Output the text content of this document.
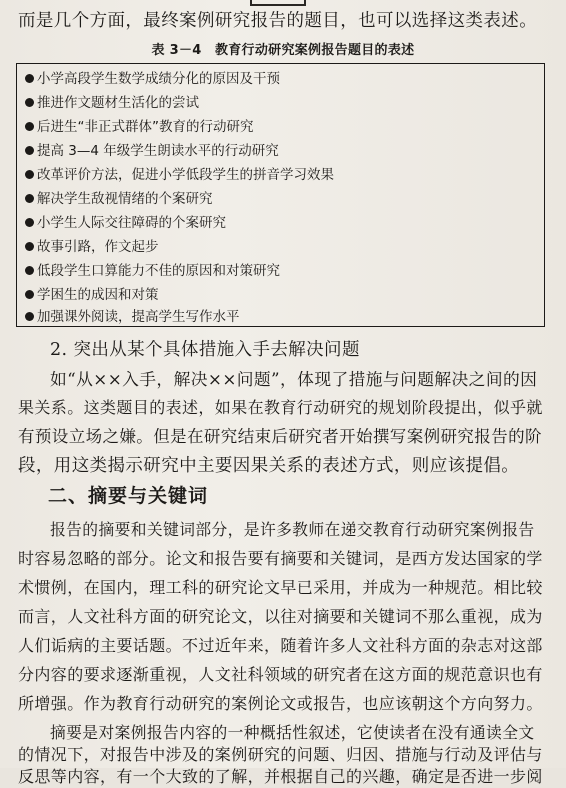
而是几个方面，最终案例研究报告的题目，也可以选择这类表述。
表 3－4　教育行动研究案例报告题目的表述
小学高段学生数学成绩分化的原因及干预
推进作文题材生活化的尝试
后进生“非正式群体”教育的行动研究
提高 3—4 年级学生朗读水平的行动研究
改革评价方法，促进小学低段学生的拼音学习效果
解决学生敌视情绪的个案研究
小学生人际交往障碍的个案研究
故事引路，作文起步
低段学生口算能力不佳的原因和对策研究
学困生的成因和对策
加强课外阅读，提高学生写作水平
2. 突出从某个具体措施入手去解决问题
如“从××入手，解决××问题”，体现了措施与问题解决之间的因
果关系。这类题目的表述，如果在教育行动研究的规划阶段提出，似乎就
有预设立场之嫌。但是在研究结束后研究者开始撰写案例研究报告的阶
段，用这类揭示研究中主要因果关系的表述方式，则应该提倡。
二、摘要与关键词
报告的摘要和关键词部分，是许多教师在递交教育行动研究案例报告
时容易忽略的部分。论文和报告要有摘要和关键词，是西方发达国家的学
术惯例，在国内，理工科的研究论文早已采用，并成为一种规范。相比较
而言，人文社科方面的研究论文，以往对摘要和关键词不那么重视，成为
人们诟病的主要话题。不过近年来，随着许多人文社科方面的杂志对这部
分内容的要求逐渐重视，人文社科领域的研究者在这方面的规范意识也有
所增强。作为教育行动研究的案例论文或报告，也应该朝这个方向努力。
摘要是对案例报告内容的一种概括性叙述，它使读者在没有通读全文
的情况下，对报告中涉及的案例研究的问题、归因、措施与行动及评估与
反思等内容，有一个大致的了解，并根据自己的兴趣，确定是否进一步阅
